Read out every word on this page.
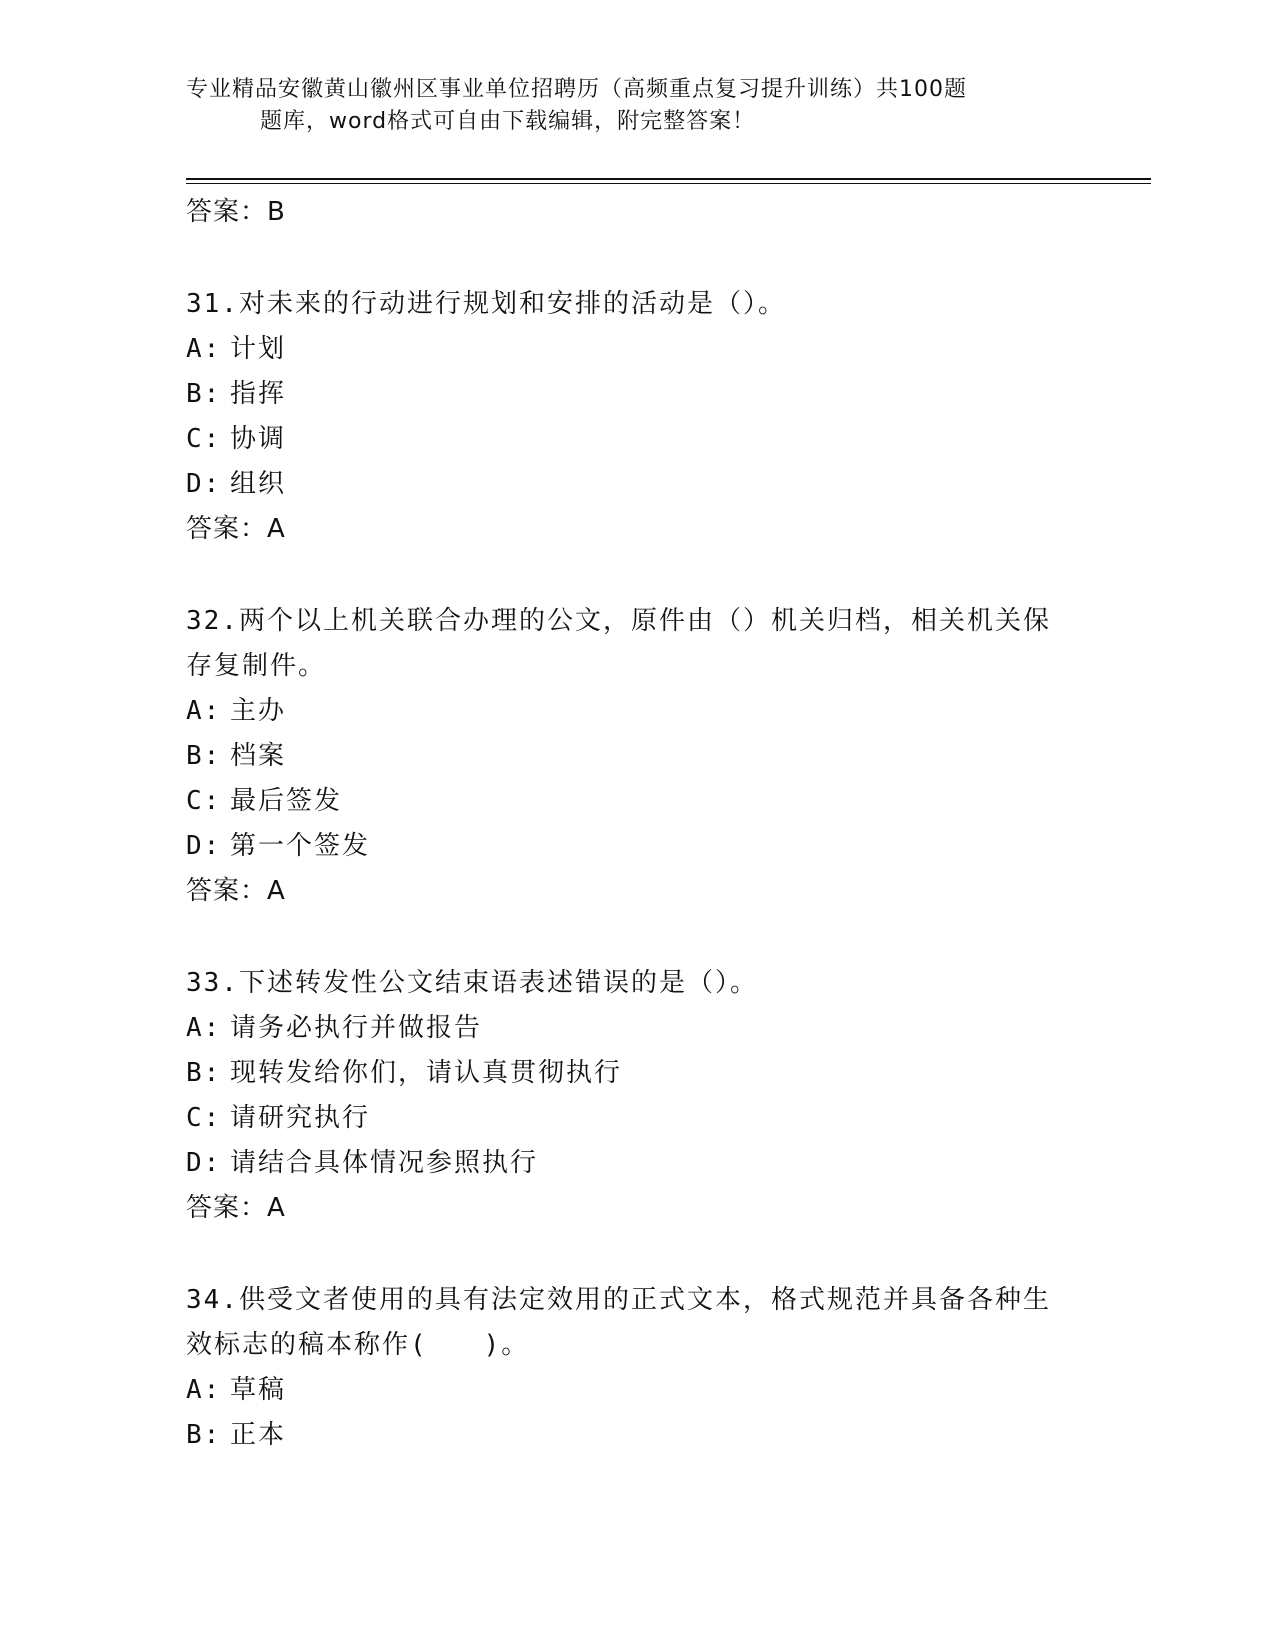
专业精品安徽黄山徽州区事业单位招聘历（高频重点复习提升训练）共100题
题库，word格式可自由下载编辑，附完整答案！
答案：B
31.对未来的行动进行规划和安排的活动是（）。
A: 计划
B: 指挥
C: 协调
D: 组织
答案：A
32.两个以上机关联合办理的公文，原件由（）机关归档，相关机关保
存复制件。
A: 主办
B: 档案
C: 最后签发
D: 第一个签发
答案：A
33.下述转发性公文结束语表述错误的是（）。
A: 请务必执行并做报告
B: 现转发给你们，请认真贯彻执行
C: 请研究执行
D: 请结合具体情况参照执行
答案：A
34.供受文者使用的具有法定效用的正式文本，格式规范并具备各种生
效标志的稿本称作(　　)。
A: 草稿
B: 正本
